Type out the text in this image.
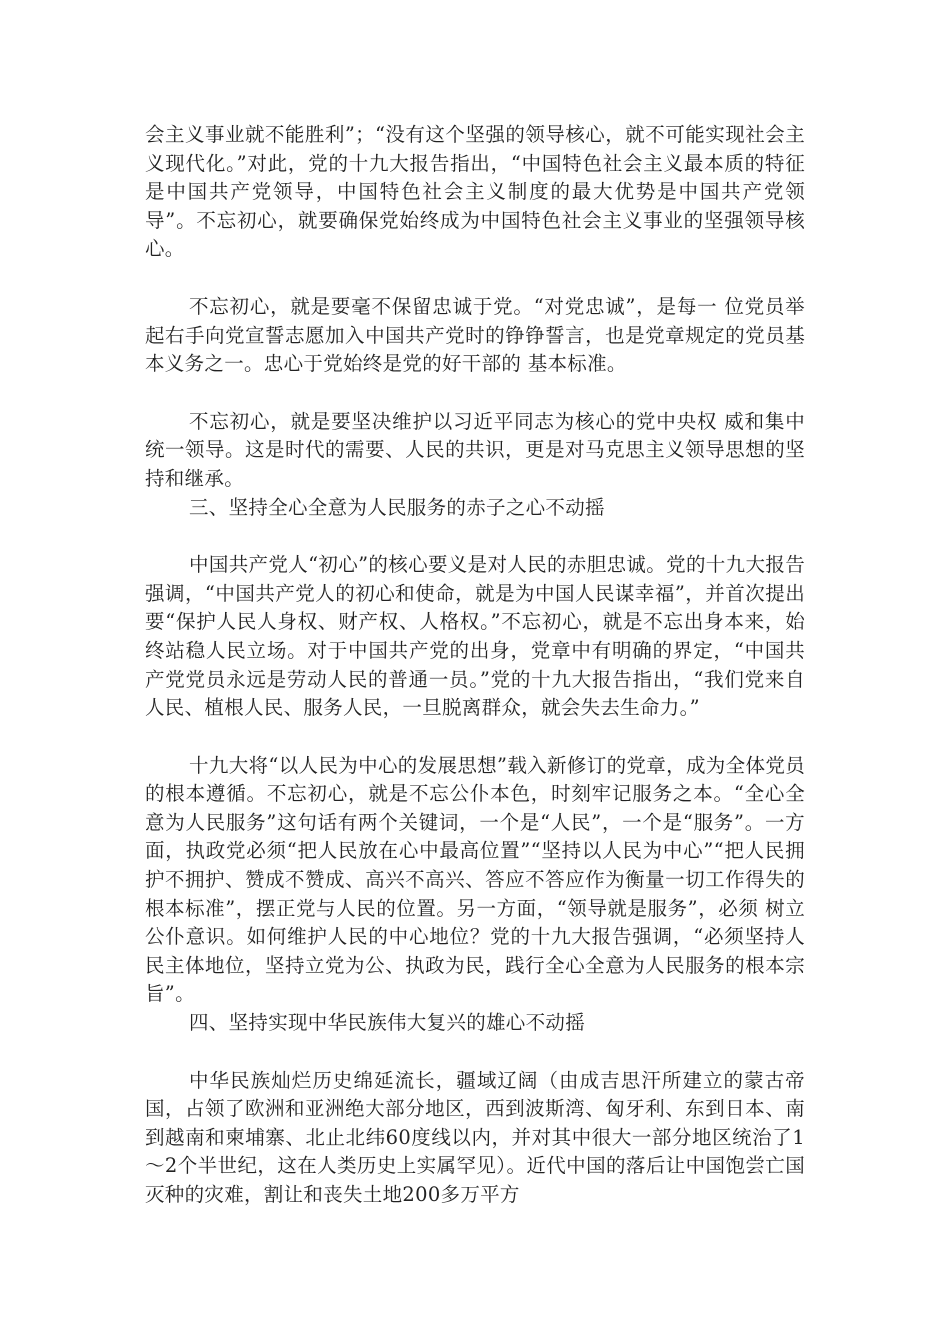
会主义事业就不能胜利”；“没有这个坚强的领导核心，就不可能实现社会主义现代化。”对此，党的十九大报告指出，“中国特色社会主义最本质的特征是中国共产党领导，中国特色社会主义制度的最大优势是中国共产党领导”。不忘初心，就要确保党始终成为中国特色社会主义事业的坚强领导核心。

不忘初心，就是要毫不保留忠诚于党。“对党忠诚”，是每一 位党员举起右手向党宣誓志愿加入中国共产党时的铮铮誓言，也是党章规定的党员基本义务之一。忠心于党始终是党的好干部的 基本标准。

不忘初心，就是要坚决维护以习近平同志为核心的党中央权 威和集中统一领导。这是时代的需要、人民的共识，更是对马克思主义领导思想的坚持和继承。

三、坚持全心全意为人民服务的赤子之心不动摇

中国共产党人“初心”的核心要义是对人民的赤胆忠诚。党的十九大报告强调，“中国共产党人的初心和使命，就是为中国人民谋幸福”，并首次提出要“保护人民人身权、财产权、人格权。”不忘初心，就是不忘出身本来，始终站稳人民立场。对于中国共产党的出身，党章中有明确的界定，“中国共产党党员永远是劳动人民的普通一员。”党的十九大报告指出，“我们党来自人民、植根人民、服务人民，一旦脱离群众，就会失去生命力。”

十九大将“以人民为中心的发展思想”载入新修订的党章，成为全体党员的根本遵循。不忘初心，就是不忘公仆本色，时刻牢记服务之本。“全心全意为人民服务”这句话有两个关键词，一个是“人民”，一个是“服务”。一方面，执政党必须“把人民放在心中最高位置”“坚持以人民为中心”“把人民拥护不拥护、赞成不赞成、高兴不高兴、答应不答应作为衡量一切工作得失的根本标准”，摆正党与人民的位置。另一方面，“领导就是服务”，必须 树立公仆意识。如何维护人民的中心地位？党的十九大报告强调，“必须坚持人民主体地位，坚持立党为公、执政为民，践行全心全意为人民服务的根本宗旨”。

四、坚持实现中华民族伟大复兴的雄心不动摇

中华民族灿烂历史绵延流长，疆域辽阔（由成吉思汗所建立的蒙古帝国，占领了欧洲和亚洲绝大部分地区，西到波斯湾、匈牙利、东到日本、南到越南和柬埔寨、北止北纬60度线以内，并对其中很大一部分地区统治了1～2个半世纪，这在人类历史上实属罕见）。近代中国的落后让中国饱尝亡国灭种的灾难，割让和丧失土地200多万平方
